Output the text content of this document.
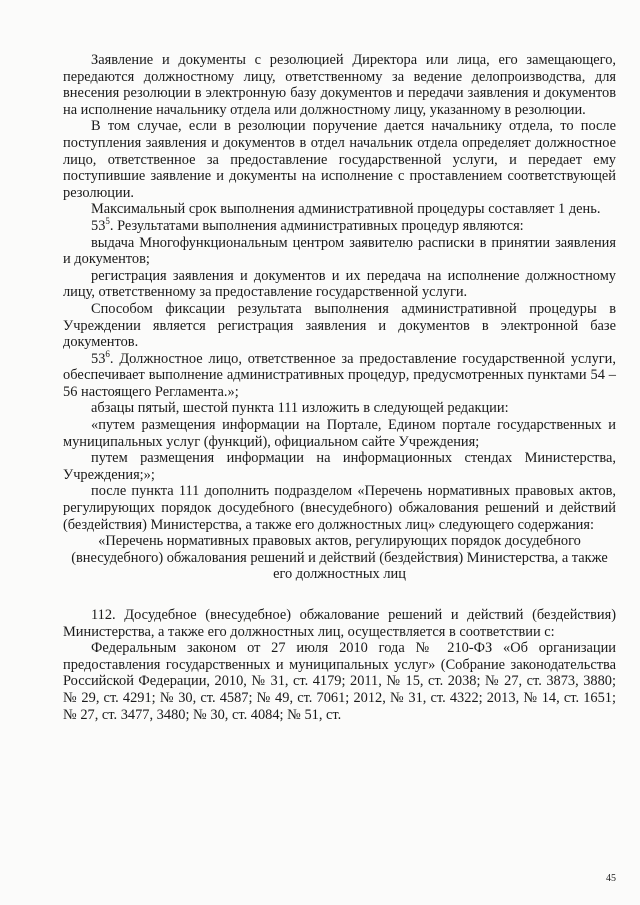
Заявление и документы с резолюцией Директора или лица, его замещающего, передаются должностному лицу, ответственному за ведение делопроизводства, для внесения резолюции в электронную базу документов и передачи заявления и документов на исполнение начальнику отдела или должностному лицу, указанному в резолюции.

В том случае, если в резолюции поручение дается начальнику отдела, то после поступления заявления и документов в отдел начальник отдела определяет должностное лицо, ответственное за предоставление государственной услуги, и передает ему поступившие заявление и документы на исполнение с проставлением соответствующей резолюции.

Максимальный срок выполнения административной процедуры составляет 1 день.

$53^5$. Результатами выполнения административных процедур являются:

выдача Многофункциональным центром заявителю расписки в принятии заявления и документов;

регистрация заявления и документов и их передача на исполнение должностному лицу, ответственному за предоставление государственной услуги.

Способом фиксации результата выполнения административной процедуры в Учреждении является регистрация заявления и документов в электронной базе документов.

$53^6$. Должностное лицо, ответственное за предоставление государственной услуги, обеспечивает выполнение административных процедур, предусмотренных пунктами 54 – 56 настоящего Регламента.»;

абзацы пятый, шестой пункта 111 изложить в следующей редакции:

«путем размещения информации на Портале, Едином портале государственных и муниципальных услуг (функций), официальном сайте Учреждения;

путем размещения информации на информационных стендах Министерства, Учреждения;»;

после пункта 111 дополнить подразделом «Перечень нормативных правовых актов, регулирующих порядок досудебного (внесудебного) обжалования решений и действий (бездействия) Министерства, а также его должностных лиц» следующего содержания:

«Перечень нормативных правовых актов, регулирующих порядок досудебного (внесудебного) обжалования решений и действий (бездействия) Министерства, а также его должностных лиц

112. Досудебное (внесудебное) обжалование решений и действий (бездействия) Министерства, а также его должностных лиц, осуществляется в соответствии с:

Федеральным законом от 27 июля 2010 года № 210-ФЗ «Об организации предоставления государственных и муниципальных услуг» (Собрание законодательства Российской Федерации, 2010, № 31, ст. 4179; 2011, № 15, ст. 2038; № 27, ст. 3873, 3880; № 29, ст. 4291; № 30, ст. 4587; № 49, ст. 7061; 2012, № 31, ст. 4322; 2013, № 14, ст. 1651; № 27, ст. 3477, 3480; № 30, ст. 4084; № 51, ст.

45
